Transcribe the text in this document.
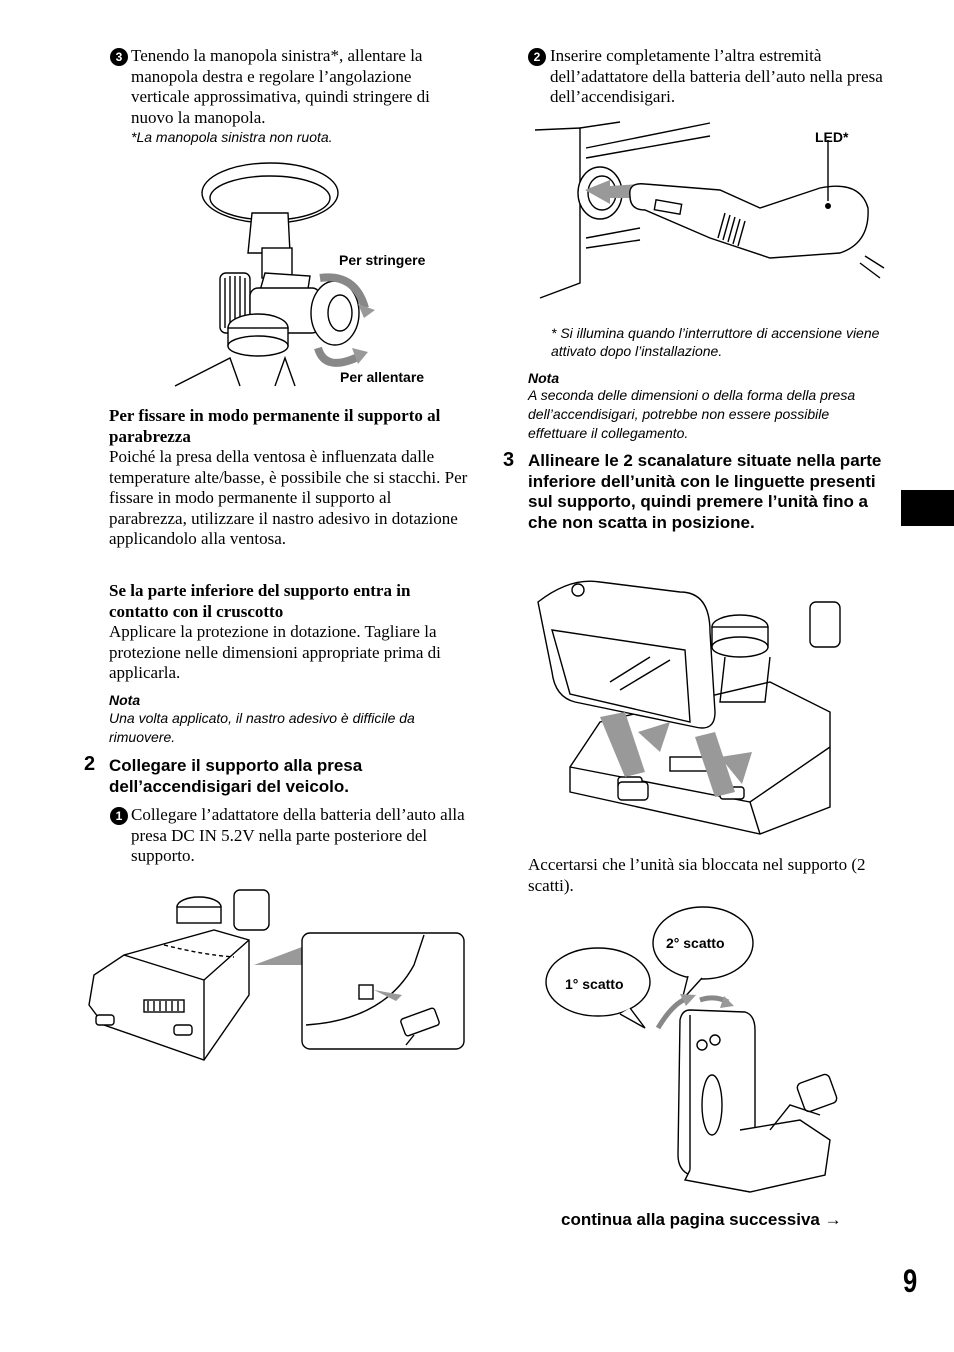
3 Tenendo la manopola sinistra*, allentare la manopola destra e regolare l’angolazione verticale approssimativa, quindi stringere di nuovo la manopola.

*La manopola sinistra non ruota.

Per stringere
Per allentare

Per fissare in modo permanente il supporto al parabrezza

Poiché la presa della ventosa è influenzata dalle temperature alte/basse, è possibile che si stacchi. Per fissare in modo permanente il supporto al parabrezza, utilizzare il nastro adesivo in dotazione applicandolo alla ventosa.

Se la parte inferiore del supporto entra in contatto con il cruscotto

Applicare la protezione in dotazione. Tagliare la protezione nelle dimensioni appropriate prima di applicarla.

Nota

Una volta applicato, il nastro adesivo è difficile da rimuovere.

2 Collegare il supporto alla presa dell’accendisigari del veicolo.

1 Collegare l’adattatore della batteria dell’auto alla presa DC IN 5.2V nella parte posteriore del supporto.

2 Inserire completamente l’altra estremità dell’adattatore della batteria dell’auto nella presa dell’accendisigari.

LED*

* Si illumina quando l’interruttore di accensione viene attivato dopo l’installazione.

Nota

A seconda delle dimensioni o della forma della presa dell’accendisigari, potrebbe non essere possibile effettuare il collegamento.

3 Allineare le 2 scanalature situate nella parte inferiore dell’unità con le linguette presenti sul supporto, quindi premere l’unità fino a che non scatta in posizione.

Accertarsi che l’unità sia bloccata nel supporto (2 scatti).

1° scatto
2° scatto

continua alla pagina successiva →

9
